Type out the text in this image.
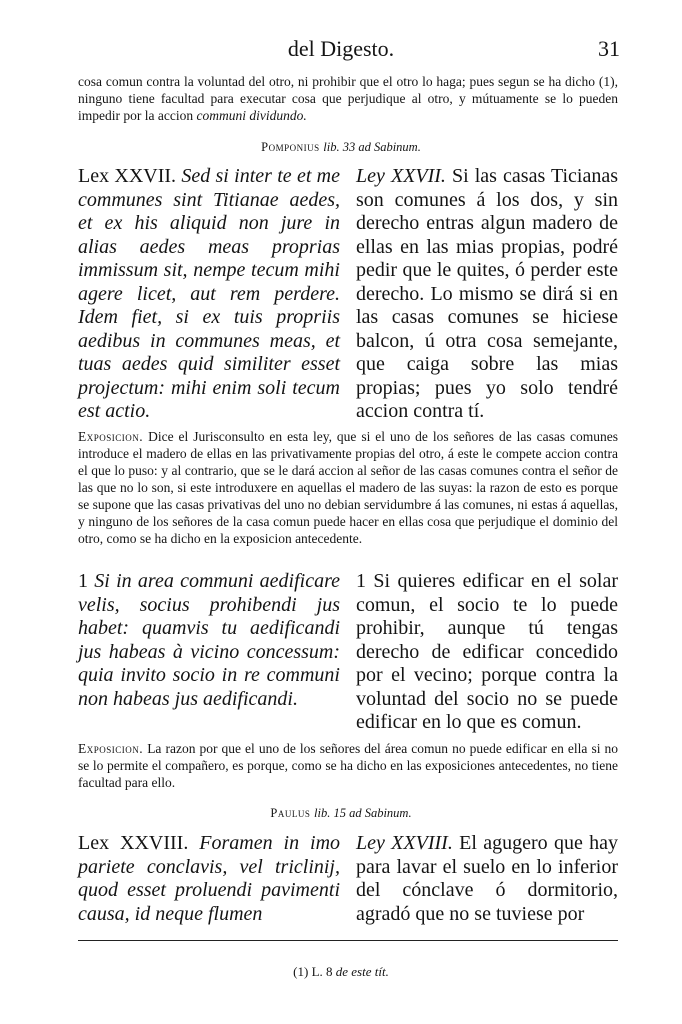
del Digesto.	31
cosa comun contra la voluntad del otro, ni prohibir que el otro lo haga; pues segun se ha dicho (1), ninguno tiene facultad para executar cosa que perjudique al otro, y mútuamente se lo pueden impedir por la accion communi dividundo.
Pomponius lib. 33 ad Sabinum.
Lex XXVII. Sed si inter te et me communes sint Titianae aedes, et ex his aliquid non jure in alias aedes meas proprias immissum sit, nempe tecum mihi agere licet, aut rem perdere. Idem fiet, si ex tuis propriis aedibus in communes meas, et tuas aedes quid similiter esset projectum: mihi enim soli tecum est actio.
Ley XXVII. Si las casas Ticianas son comunes á los dos, y sin derecho entras algun madero de ellas en las mias propias, podré pedir que le quites, ó perder este derecho. Lo mismo se dirá si en las casas comunes se hiciese balcon, ú otra cosa semejante, que caiga sobre las mias propias; pues yo solo tendré accion contra tí.
Exposicion. Dice el Jurisconsulto en esta ley, que si el uno de los señores de las casas comunes introduce el madero de ellas en las privativamente propias del otro, á este le compete accion contra el que lo puso: y al contrario, que se le dará accion al señor de las casas comunes contra el señor de las que no lo son, si este introduxere en aquellas el madero de las suyas: la razon de esto es porque se supone que las casas privativas del uno no debian servidumbre á las comunes, ni estas á aquellas, y ninguno de los señores de la casa comun puede hacer en ellas cosa que perjudique el dominio del otro, como se ha dicho en la exposicion antecedente.
1 Si in area communi aedificare velis, socius prohibendi jus habet: quamvis tu aedificandi jus habeas à vicino concessum: quia invito socio in re communi non habeas jus aedificandi.
1 Si quieres edificar en el solar comun, el socio te lo puede prohibir, aunque tú tengas derecho de edificar concedido por el vecino; porque contra la voluntad del socio no se puede edificar en lo que es comun.
Exposicion. La razon por que el uno de los señores del área comun no puede edificar en ella si no se lo permite el compañero, es porque, como se ha dicho en las exposiciones antecedentes, no tiene facultad para ello.
Paulus lib. 15 ad Sabinum.
Lex XXVIII. Foramen in imo pariete conclavis, vel triclinij, quod esset proluendi pavimenti causa, id neque flumen
Ley XXVIII. El agugero que hay para lavar el suelo en lo inferior del cónclave ó dormitorio, agradó que no se tuviese por
(1) L. 8 de este tít.
